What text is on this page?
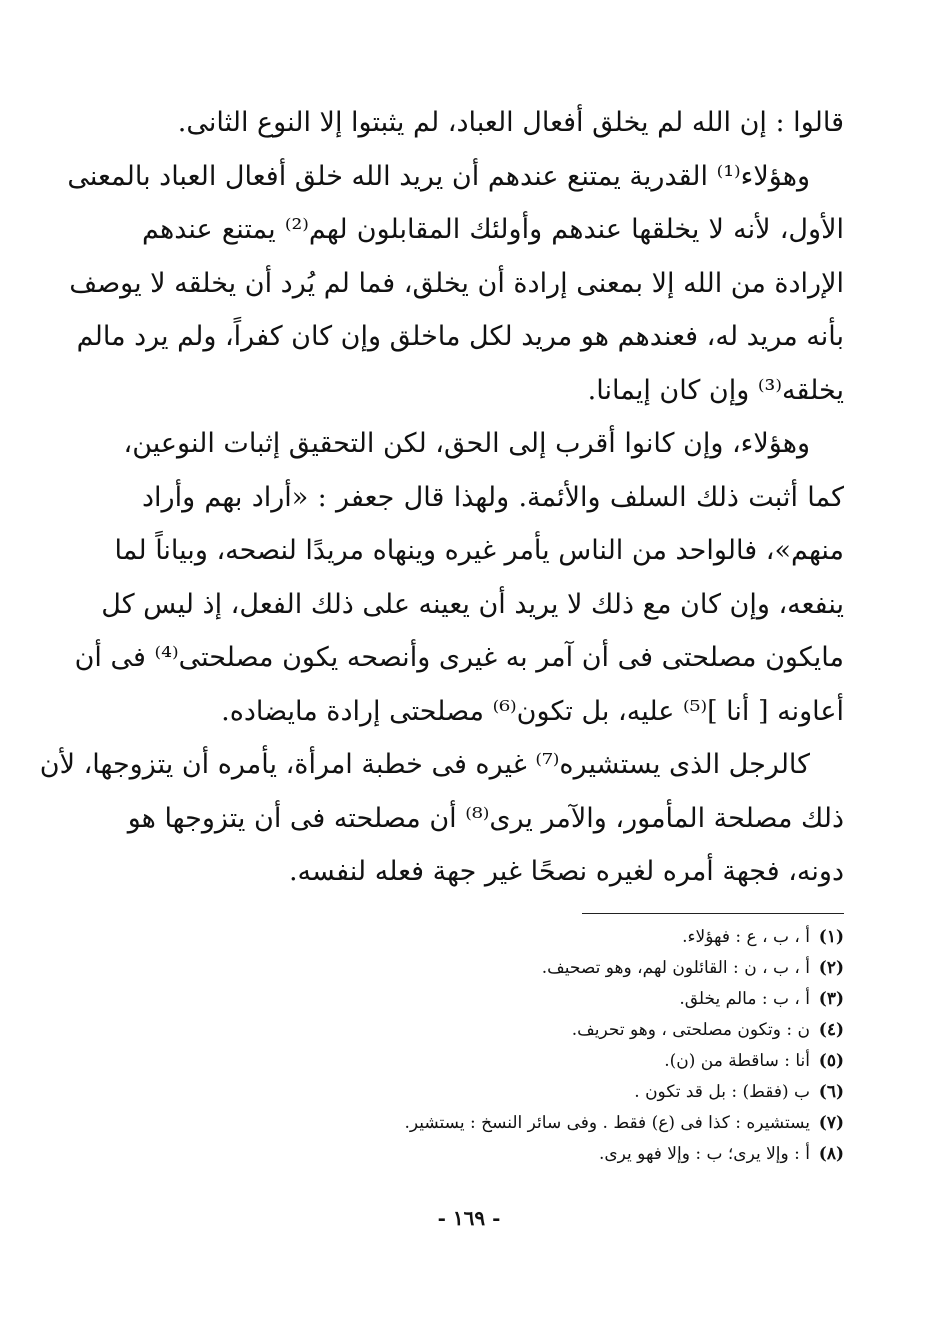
قالوا : إن الله لم يخلق أفعال العباد، لم يثبتوا إلا النوع الثانى.
وهؤلاء⁽¹⁾ القدرية يمتنع عندهم أن يريد الله خلق أفعال العباد بالمعنى
الأول، لأنه لا يخلقها عندهم وأولئك المقابلون لهم⁽²⁾ يمتنع عندهم
الإرادة من الله إلا بمعنى إرادة أن يخلق، فما لم يُرد أن يخلقه لا يوصف
بأنه مريد له، فعندهم هو مريد لكل ماخلق وإن كان كفراً، ولم يرد مالم
يخلقه⁽³⁾ وإن كان إيمانا.
وهؤلاء، وإن كانوا أقرب إلى الحق، لكن التحقيق إثبات النوعين،
كما أثبت ذلك السلف والأئمة. ولهذا قال جعفر : «أراد بهم وأراد
منهم»، فالواحد من الناس يأمر غيره وينهاه مريدًا لنصحه، وبياناً لما
ينفعه، وإن كان مع ذلك لا يريد أن يعينه على ذلك الفعل، إذ ليس كل
مايكون مصلحتى فى أن آمر به غيرى وأنصحه يكون مصلحتى⁽⁴⁾ فى أن
أعاونه [ أنا ]⁽⁵⁾ عليه، بل تكون⁽⁶⁾ مصلحتى إرادة مايضاده.
كالرجل الذى يستشيره⁽⁷⁾ غيره فى خطبة امرأة، يأمره أن يتزوجها، لأن
ذلك مصلحة المأمور، والآمر يرى⁽⁸⁾ أن مصلحته فى أن يتزوجها هو
دونه، فجهة أمره لغيره نصحًا غير جهة فعله لنفسه.
(١)
أ ، ب ، ع : فهؤلاء.
(٢)
أ ، ب ، ن : القائلون لهم، وهو تصحيف.
(٣)
أ ، ب : مالم يخلق.
(٤)
ن : وتكون مصلحتى ، وهو تحريف.
(٥)
أنا : ساقطة من (ن).
(٦)
ب (فقط) : بل قد تكون .
(٧)
يستشيره : كذا فى (ع) فقط . وفى سائر النسخ : يستشير.
(٨)
أ : وإلا يرى؛ ب : وإلا فهو يرى.
- ١٦٩ -
